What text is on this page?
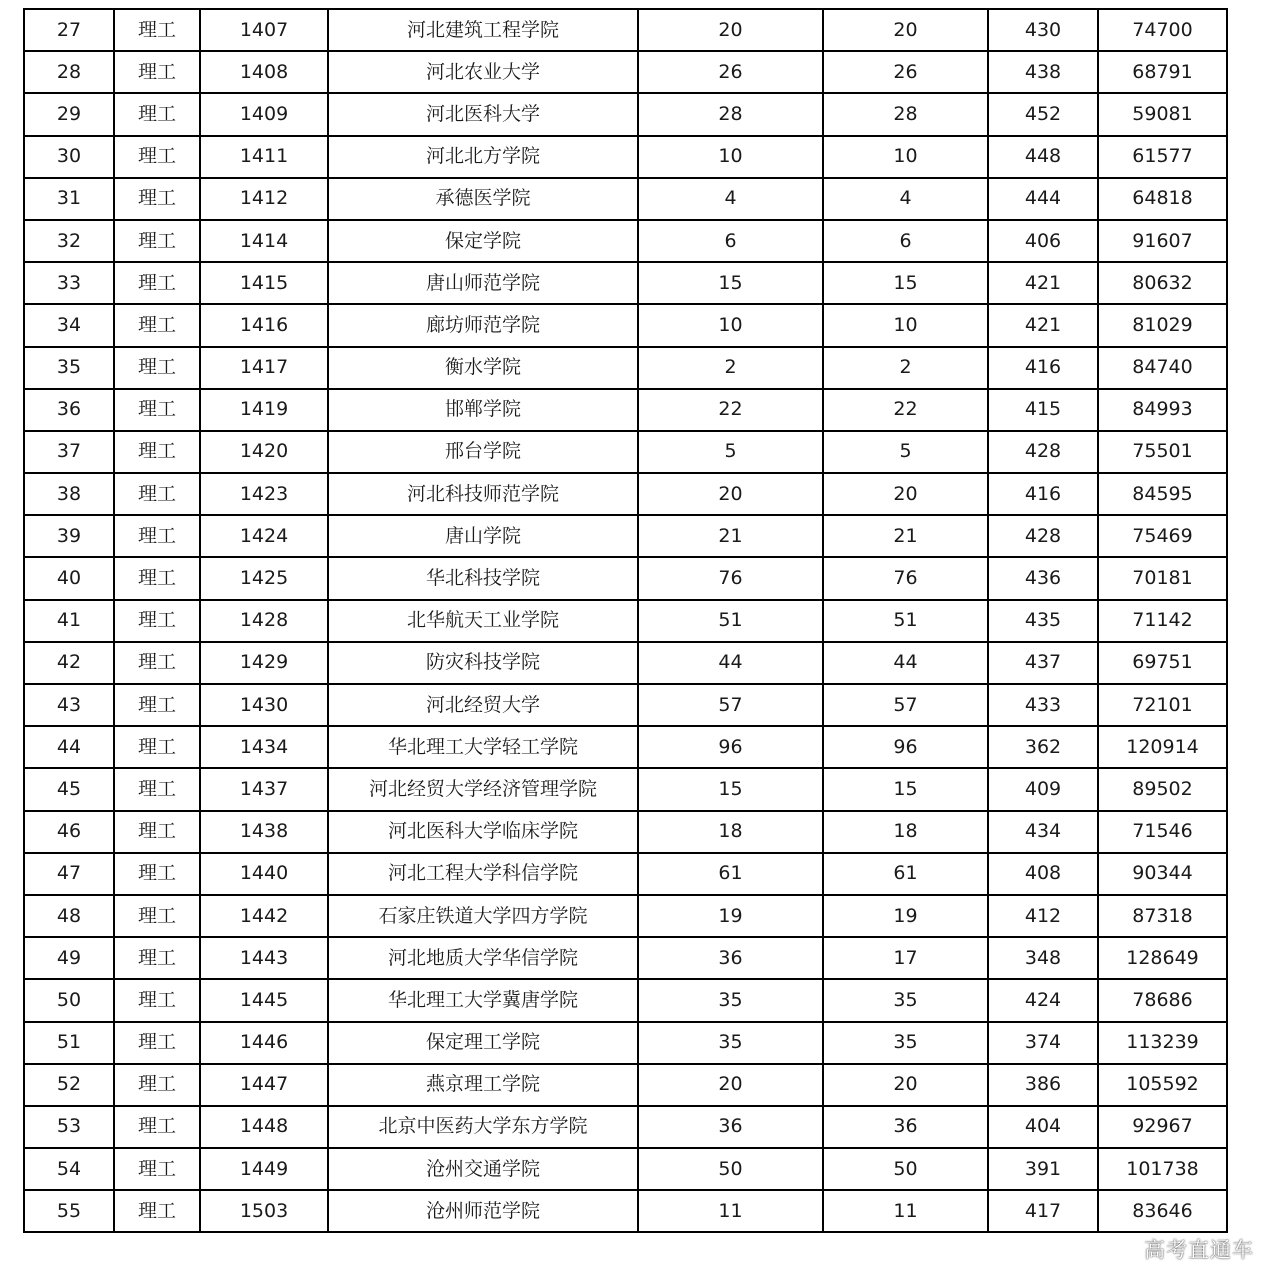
27	理工	1407	河北建筑工程学院	20	20	430	74700
28	理工	1408	河北农业大学	26	26	438	68791
29	理工	1409	河北医科大学	28	28	452	59081
30	理工	1411	河北北方学院	10	10	448	61577
31	理工	1412	承德医学院	4	4	444	64818
32	理工	1414	保定学院	6	6	406	91607
33	理工	1415	唐山师范学院	15	15	421	80632
34	理工	1416	廊坊师范学院	10	10	421	81029
35	理工	1417	衡水学院	2	2	416	84740
36	理工	1419	邯郸学院	22	22	415	84993
37	理工	1420	邢台学院	5	5	428	75501
38	理工	1423	河北科技师范学院	20	20	416	84595
39	理工	1424	唐山学院	21	21	428	75469
40	理工	1425	华北科技学院	76	76	436	70181
41	理工	1428	北华航天工业学院	51	51	435	71142
42	理工	1429	防灾科技学院	44	44	437	69751
43	理工	1430	河北经贸大学	57	57	433	72101
44	理工	1434	华北理工大学轻工学院	96	96	362	120914
45	理工	1437	河北经贸大学经济管理学院	15	15	409	89502
46	理工	1438	河北医科大学临床学院	18	18	434	71546
47	理工	1440	河北工程大学科信学院	61	61	408	90344
48	理工	1442	石家庄铁道大学四方学院	19	19	412	87318
49	理工	1443	河北地质大学华信学院	36	17	348	128649
50	理工	1445	华北理工大学冀唐学院	35	35	424	78686
51	理工	1446	保定理工学院	35	35	374	113239
52	理工	1447	燕京理工学院	20	20	386	105592
53	理工	1448	北京中医药大学东方学院	36	36	404	92967
54	理工	1449	沧州交通学院	50	50	391	101738
55	理工	1503	沧州师范学院	11	11	417	83646
高考直通车
